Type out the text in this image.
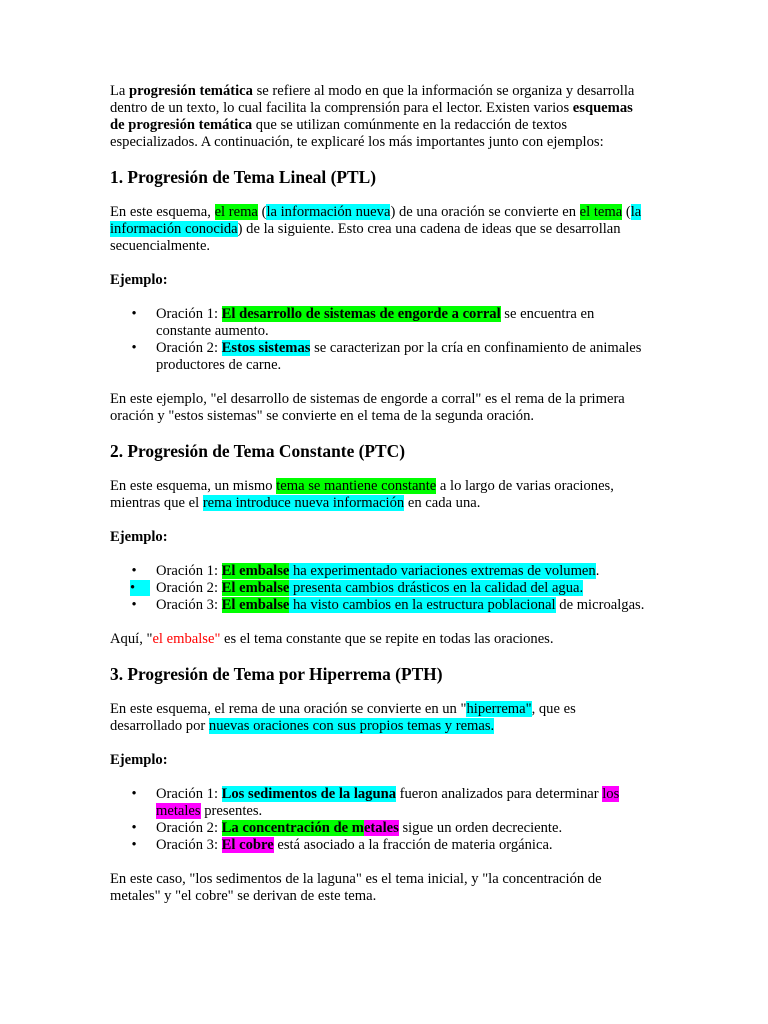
La progresión temática se refiere al modo en que la información se organiza y desarrolla dentro de un texto, lo cual facilita la comprensión para el lector. Existen varios esquemas de progresión temática que se utilizan comúnmente en la redacción de textos especializados. A continuación, te explicaré los más importantes junto con ejemplos:

1. Progresión de Tema Lineal (PTL)

En este esquema, el rema (la información nueva) de una oración se convierte en el tema (la información conocida) de la siguiente. Esto crea una cadena de ideas que se desarrollan secuencialmente.

Ejemplo:

• Oración 1: El desarrollo de sistemas de engorde a corral se encuentra en constante aumento.
• Oración 2: Estos sistemas se caracterizan por la cría en confinamiento de animales productores de carne.

En este ejemplo, "el desarrollo de sistemas de engorde a corral" es el rema de la primera oración y "estos sistemas" se convierte en el tema de la segunda oración.

2. Progresión de Tema Constante (PTC)

En este esquema, un mismo tema se mantiene constante a lo largo de varias oraciones, mientras que el rema introduce nueva información en cada una.

Ejemplo:

• Oración 1: El embalse ha experimentado variaciones extremas de volumen.
•	Oración 2: El embalse presenta cambios drásticos en la calidad del agua.
• Oración 3: El embalse ha visto cambios en la estructura poblacional de microalgas.

Aquí, "el embalse" es el tema constante que se repite en todas las oraciones.

3. Progresión de Tema por Hiperrema (PTH)

En este esquema, el rema de una oración se convierte en un "hiperrema", que es desarrollado por nuevas oraciones con sus propios temas y remas.

Ejemplo:

• Oración 1: Los sedimentos de la laguna fueron analizados para determinar los metales presentes.
• Oración 2: La concentración de metales sigue un orden decreciente.
• Oración 3: El cobre está asociado a la fracción de materia orgánica.

En este caso, "los sedimentos de la laguna" es el tema inicial, y "la concentración de metales" y "el cobre" se derivan de este tema.
